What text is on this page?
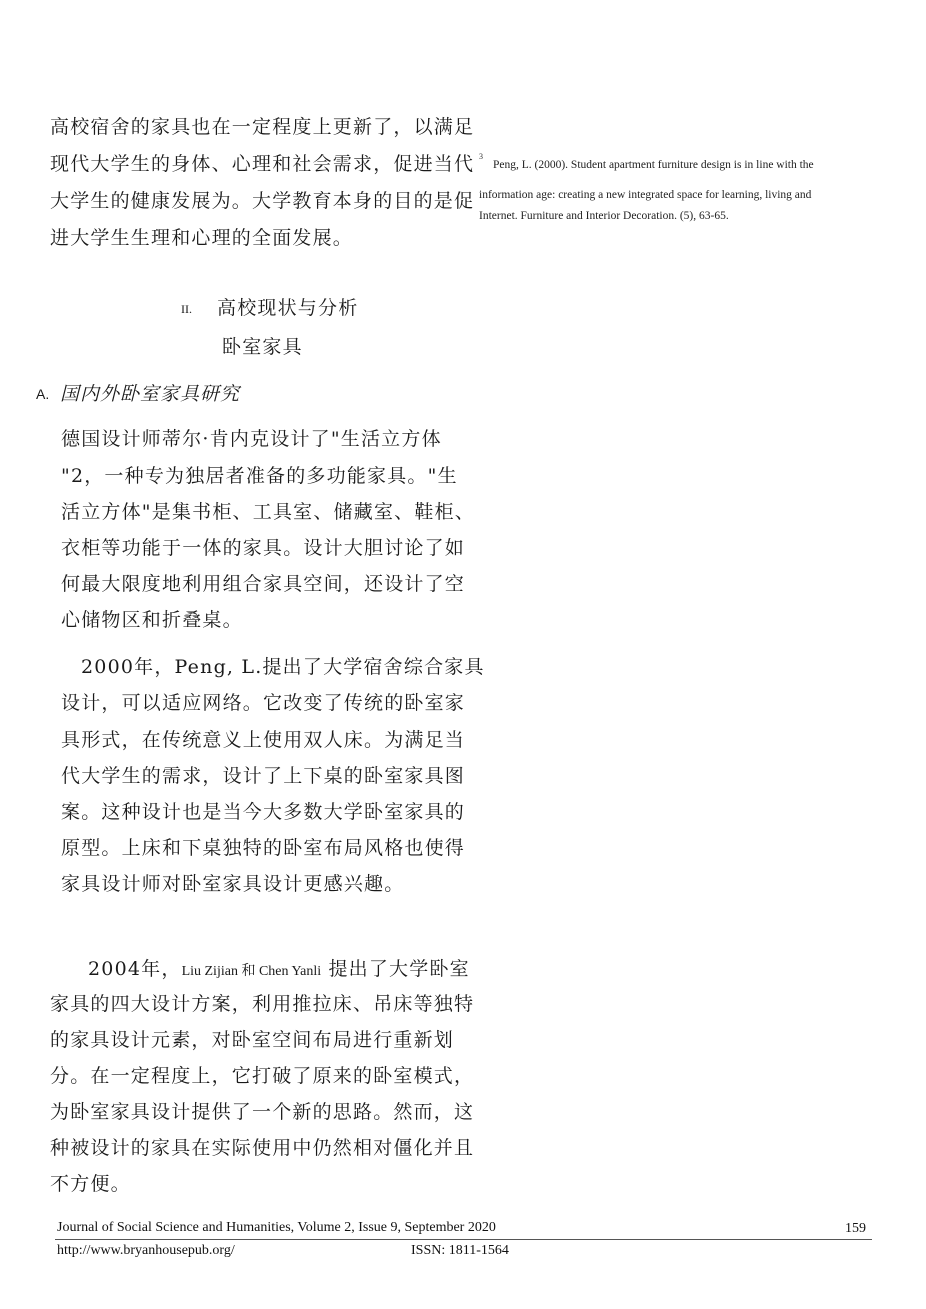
高校宿舍的家具也在一定程度上更新了，以满足
现代大学生的身体、心理和社会需求，促进当代
大学生的健康发展为。大学教育本身的目的是促
进大学生生理和心理的全面发展。
3
Peng, L. (2000). Student apartment furniture design is in line with the
information age: creating a new integrated space for learning, living and
Internet. Furniture and Interior Decoration. (5), 63-65.
II. 高校现状与分析
卧室家具
A. 国内外卧室家具研究
德国设计师蒂尔·肯内克设计了"生活立方体
"2，一种专为独居者准备的多功能家具。"生
活立方体"是集书柜、工具室、储藏室、鞋柜、
衣柜等功能于一体的家具。设计大胆讨论了如
何最大限度地利用组合家具空间，还设计了空
心储物区和折叠桌。
2000年，Peng, L.提出了大学宿舍综合家具
设计，可以适应网络。它改变了传统的卧室家
具形式，在传统意义上使用双人床。为满足当
代大学生的需求，设计了上下桌的卧室家具图
案。这种设计也是当今大多数大学卧室家具的
原型。上床和下桌独特的卧室布局风格也使得
家具设计师对卧室家具设计更感兴趣。
2004年，Liu Zijian 和 Chen Yanli 提出了大学卧室
家具的四大设计方案，利用推拉床、吊床等独特
的家具设计元素，对卧室空间布局进行重新划
分。在一定程度上，它打破了原来的卧室模式，
为卧室家具设计提供了一个新的思路。然而，这
种被设计的家具在实际使用中仍然相对僵化并且
不方便。
Journal of Social Science and Humanities, Volume 2, Issue 9, September 2020	159
http://www.bryanhousepub.org/	ISSN: 1811-1564
